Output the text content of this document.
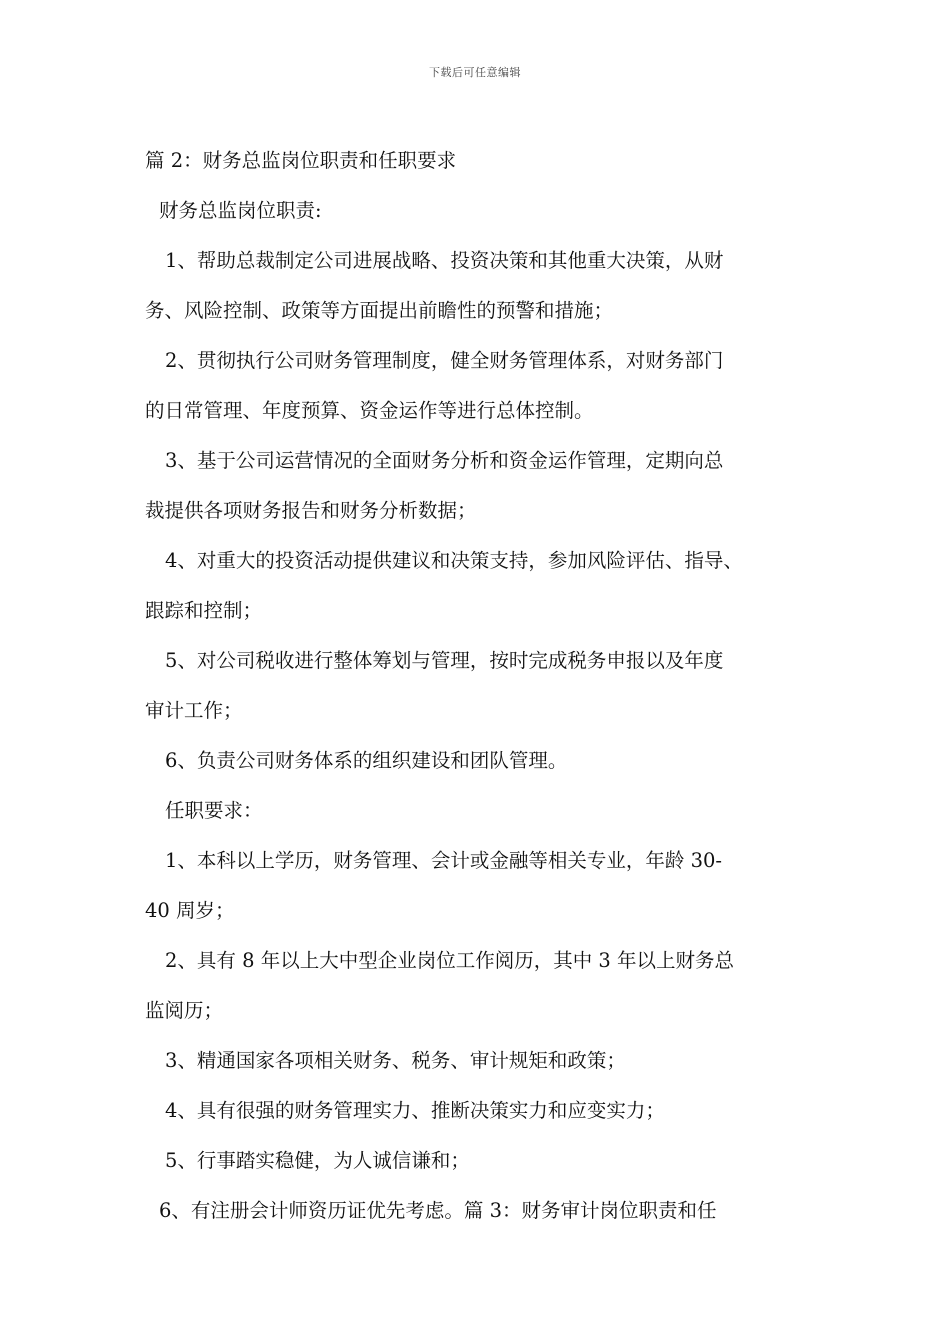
下载后可任意编辑
篇 2：财务总监岗位职责和任职要求
财务总监岗位职责:
1、帮助总裁制定公司进展战略、投资决策和其他重大决策，从财
务、风险控制、政策等方面提出前瞻性的预警和措施；
2、贯彻执行公司财务管理制度，健全财务管理体系，对财务部门
的日常管理、年度预算、资金运作等进行总体控制。
3、基于公司运营情况的全面财务分析和资金运作管理，定期向总
裁提供各项财务报告和财务分析数据；
4、对重大的投资活动提供建议和决策支持，参加风险评估、指导、
跟踪和控制；
5、对公司税收进行整体筹划与管理，按时完成税务申报以及年度
审计工作；
6、负责公司财务体系的组织建设和团队管理。
任职要求：
1、本科以上学历，财务管理、会计或金融等相关专业，年龄 30-
40 周岁；
2、具有 8 年以上大中型企业岗位工作阅历，其中 3 年以上财务总
监阅历；
3、精通国家各项相关财务、税务、审计规矩和政策；
4、具有很强的财务管理实力、推断决策实力和应变实力；
5、行事踏实稳健，为人诚信谦和；
6、有注册会计师资历证优先考虑。篇 3：财务审计岗位职责和任
